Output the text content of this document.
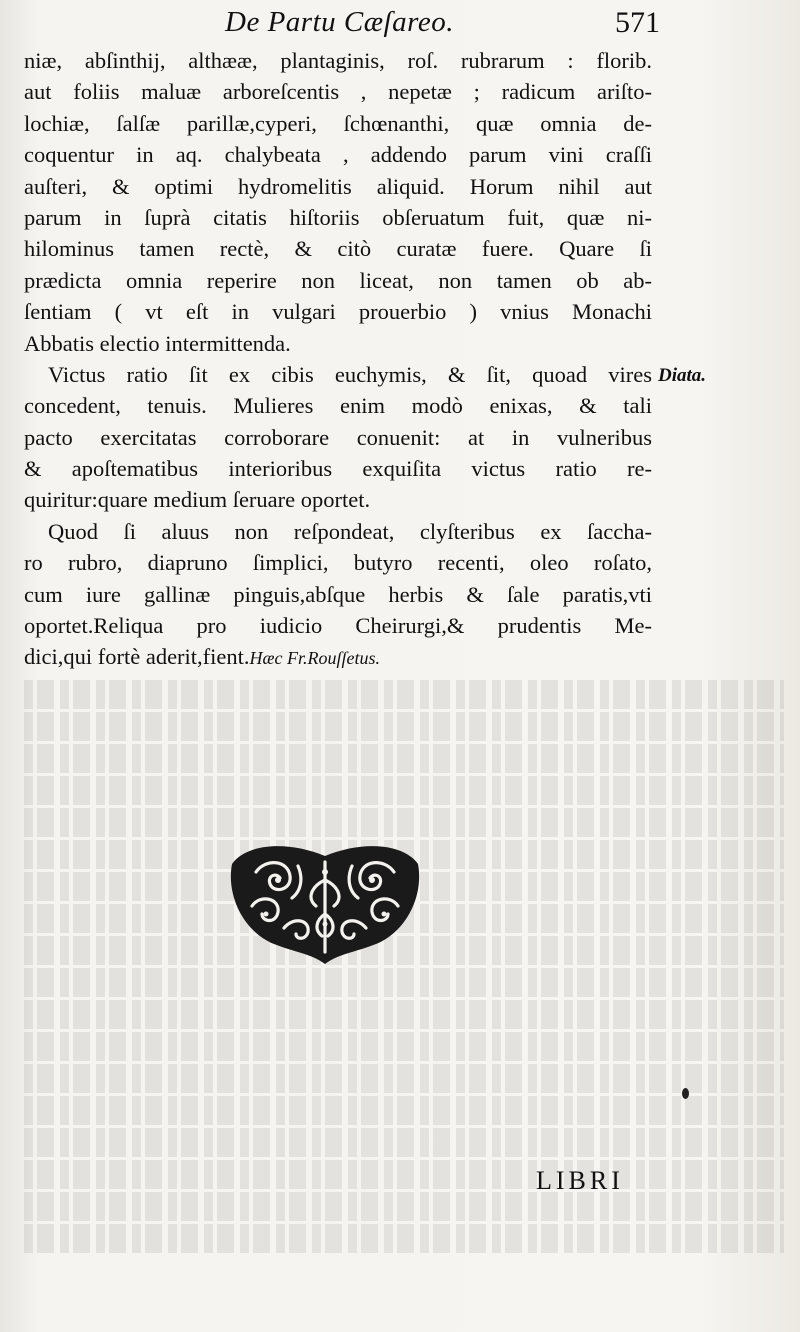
De Partu Cæſareo.	571
niæ, abſinthij, althææ, plantaginis, roſ. rubrarum : florib.
aut foliis maluæ arboreſcentis , nepetæ ; radicum ariſto-
lochiæ, ſalſæ parillæ,cyperi, ſchœnanthi, quæ omnia de-
coquentur in aq. chalybeata , addendo parum vini craſſi
auſteri, & optimi hydromelitis aliquid. Horum nihil aut
parum in ſuprà citatis hiſtoriis obſeruatum fuit, quæ ni-
hilominus tamen rectè, & citò curatæ fuere. Quare ſi
prædicta omnia reperire non liceat, non tamen ob ab-
ſentiam ( vt eſt in vulgari prouerbio ) vnius Monachi
Abbatis electio intermittenda.
Victus ratio ſit ex cibis euchymis, & ſit, quoad vires
concedent, tenuis. Mulieres enim modò enixas, & tali
pacto exercitatas corroborare conuenit: at in vulneribus
& apoſtematibus interioribus exquiſita victus ratio re-
quiritur:quare medium ſeruare oportet.
Quod ſi aluus non reſpondeat, clyſteribus ex ſaccha-
ro rubro, diapruno ſimplici, butyro recenti, oleo roſato,
cum iure gallinæ pinguis,abſque herbis & ſale paratis,vti
oportet.Reliqua pro iudicio Cheirurgi,& prudentis Me-
dici,qui fortè aderit,fient.Hæc Fr.Rouſſetus.
Diata.
LIBRI
